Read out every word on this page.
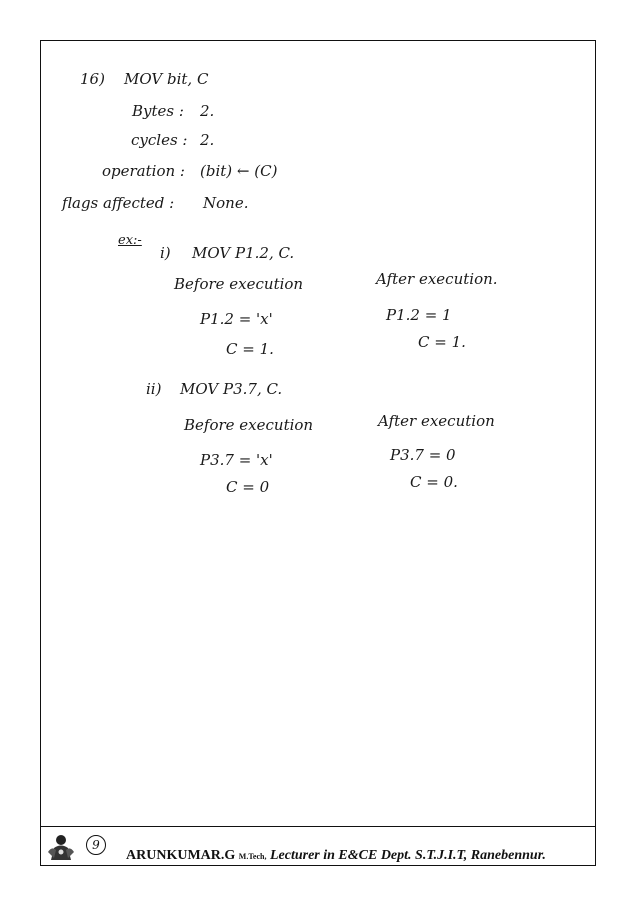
16) MOV bit, C
Bytes : 2.
cycles : 2.
operation : (bit) ← (C)
flags affected : None.
ex:-
i) MOV P1.2, C.
Before execution	After execution.
P1.2 = 'x'	P1.2 = 1
C = 1.	C = 1.
ii) MOV P3.7, C.
Before execution	After execution
P3.7 = 'x'	P3.7 = 0
C = 0	C = 0.
9
ARUNKUMAR.G M.Tech, Lecturer in E&CE Dept. S.T.J.I.T, Ranebennur.
